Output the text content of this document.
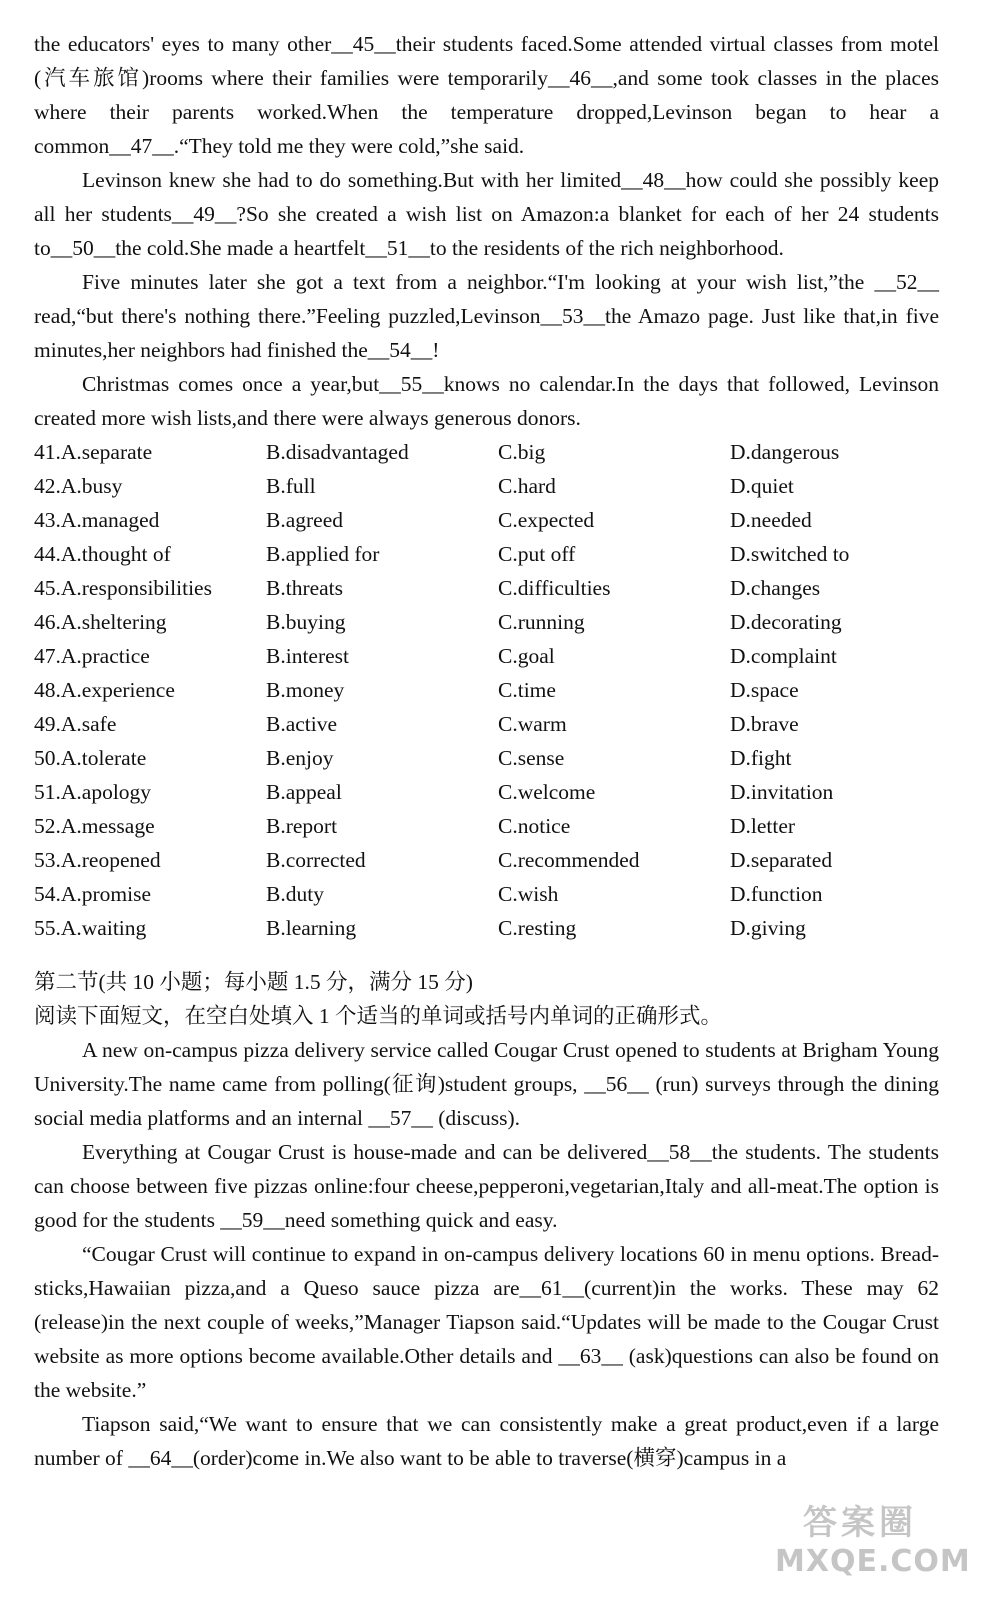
the educators' eyes to many other__45__their students faced.Some attended virtual classes from motel (汽车旅馆)rooms where their families were temporarily__46__,and some took classes in the places where their parents worked.When the temperature dropped,Levinson began to hear a common__47__.“They told me they were cold,”she said.

Levinson knew she had to do something.But with her limited__48__how could she possibly keep all her students__49__?So she created a wish list on Amazon:a blanket for each of her 24 students to__50__the cold.She made a heartfelt__51__to the residents of the rich neighborhood.

Five minutes later she got a text from a neighbor.“I'm looking at your wish list,”the __52__ read,“but there's nothing there.”Feeling puzzled,Levinson__53__the Amazo page. Just like that,in five minutes,her neighbors had finished the__54__!

Christmas comes once a year,but__55__knows no calendar.In the days that followed, Levinson created more wish lists,and there were always generous donors.

41.A.separate	B.disadvantaged	C.big	D.dangerous
42.A.busy	B.full	C.hard	D.quiet
43.A.managed	B.agreed	C.expected	D.needed
44.A.thought of	B.applied for	C.put off	D.switched to
45.A.responsibilities	B.threats	C.difficulties	D.changes
46.A.sheltering	B.buying	C.running	D.decorating
47.A.practice	B.interest	C.goal	D.complaint
48.A.experience	B.money	C.time	D.space
49.A.safe	B.active	C.warm	D.brave
50.A.tolerate	B.enjoy	C.sense	D.fight
51.A.apology	B.appeal	C.welcome	D.invitation
52.A.message	B.report	C.notice	D.letter
53.A.reopened	B.corrected	C.recommended	D.separated
54.A.promise	B.duty	C.wish	D.function
55.A.waiting	B.learning	C.resting	D.giving

第二节(共 10 小题；每小题 1.5 分，满分 15 分)

阅读下面短文，在空白处填入 1 个适当的单词或括号内单词的正确形式。

A new on-campus pizza delivery service called Cougar Crust opened to students at Brigham Young University.The name came from polling(征询)student groups, __56__ (run) surveys through the dining social media platforms and an internal __57__ (discuss).

Everything at Cougar Crust is house-made and can be delivered__58__the students. The students can choose between five pizzas online:four cheese,pepperoni,vegetarian,Italy and all-meat.The option is good for the students __59__need something quick and easy.

“Cougar Crust will continue to expand in on-campus delivery locations 60 in menu options. Bread-sticks,Hawaiian pizza,and a Queso sauce pizza are__61__(current)in the works. These may 62 (release)in the next couple of weeks,”Manager Tiapson said.“Updates will be made to the Cougar Crust website as more options become available.Other details and __63__ (ask)questions can also be found on the website.”

Tiapson said,“We want to ensure that we can consistently make a great product,even if a large number of __64__(order)come in.We also want to be able to traverse(横穿)campus in a

答案圈
MXQE.COM
